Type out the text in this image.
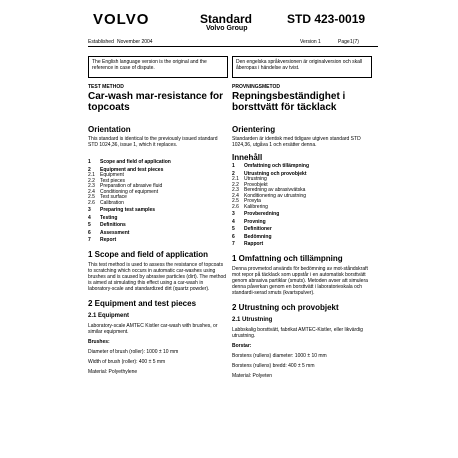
VOLVO	Standard
Volvo Group
STD 423-0019
Established November 2004	Version 1	Page 1(7)
The English language version is the original and the reference in case of dispute.
Den engelska språkversionen är originalversion och skall åberopas i händelse av tvist.
TEST METHOD
Car-wash mar-resistance for topcoats
Orientation
This standard is identical to the previously issued standard STD 1024,36, issue 1, which it replaces.
1	Scope and field of application
2	Equipment and test pieces
2.1	Equipment
2.2	Test pieces
2.3	Preparation of abrasive fluid
2.4	Conditioning of equipment
2.5	Test surface
2.6	Calibration
3	Preparing test samples
4	Testing
5	Definitions
6	Assessment
7	Report
1 Scope and field of application
This test method is used to assess the resistance of topcoats to scratching which occurs in automatic car-washes using brushes and is caused by abrasive particles (dirt). The method is aimed at simulating this effect using a car-wash in laboratory-scale and standardized dirt (quartz powder).
2 Equipment and test pieces
2.1 Equipment
Laboratory-scale AMTEC Kistler car-wash with brushes, or similar equipment.
Brushes:
Diameter of brush (roller): 1000 ± 10 mm
Width of brush (roller): 400 ± 5 mm
Material: Polyethylene
PROVNINGSMETOD
Repningsbeständighet i borsttvätt för täcklack
Orientering
Standarden är identisk med tidigare utgiven standard STD 1024,36, utgåva 1 och ersätter denna.
Innehåll
1	Omfattning och tillämpning
2	Utrustning och provobjekt
2.1	Utrustning
2.2	Provobjekt
2.3	Beredning av abrasivvätska
2.4	Konditionering av utrustning
2.5	Provyta
2.6	Kalibrering
3	Provberedning
4	Provning
5	Definitioner
6	Bedömning
7	Rapport
1 Omfattning och tillämpning
Denna provmetod används för bedömning av mot-ståndskraft mot repor på täcklack som uppstår i en automatisk borsttvätt genom abrasiva partiklar (smuts). Metoden avser att simulera denna påverkan genom en borsttvätt i laboratorieskala och standardi-serad smuts (kvartspulver).
2 Utrustning och provobjekt
2.1 Utrustning
Labbskalig borsttvätt, fabrikat AMTEC-Kistler, eller likvärdig utrustning.
Borstar:
Borstens (rullens) diameter: 1000 ± 10 mm
Borstens (rullens) bredd: 400 ± 5 mm
Material: Polyeten
